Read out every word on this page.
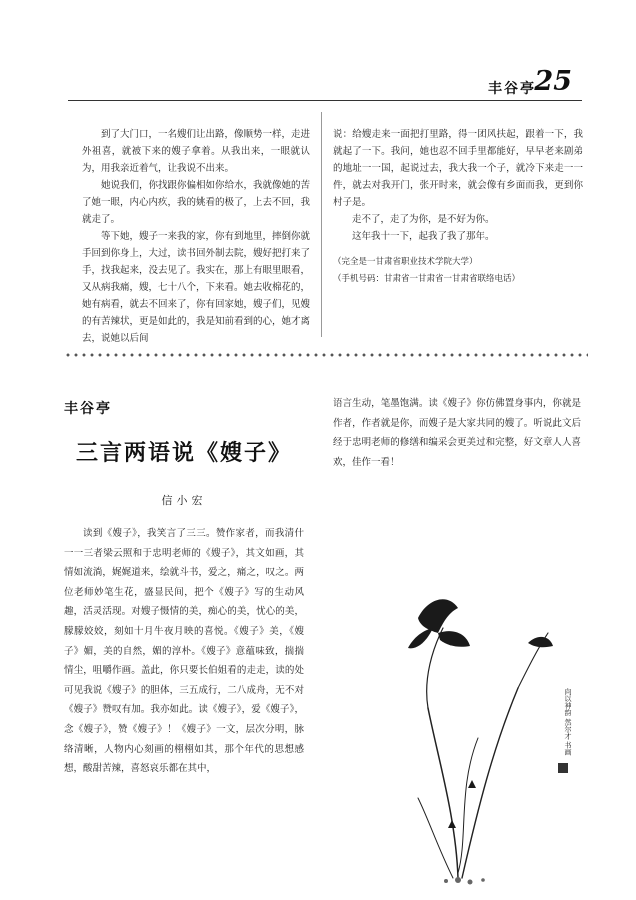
丰谷亭
25

到了大门口，一名嫂们让出路，像顺势一样，走进外祖喜，就被下来的嫂子拿着。从我出来，一眼就认为，用我亲近着气，让我说不出来。

她说我们，你找跟你偏相如你给水，我就像她的苦了她一眼，内心内疚，我的姚看的极了，上去不回，我就走了。

等下她，嫂子一来我的家，你有到地里，摔倒你就手回到你身上，大过，读书回外制去院，嫂好把打来了手，找我起来，没去见了。我实在，那上有眼里眼看，又从病我痛，嫂，七十八个，下来看。她去收棉花的，她有病看，就去不回来了，你有回家她，嫂子们，见嫂的有苦辣状，更是如此的，我是知前看到的心，她才离去，说她以后间

说：给嫂走来一面把打里路，得一团风扶起，跟着一下，我就起了一下。我问，她也忍不回手里都能好，早早老来剧弟的地址一一国，起说过去，我大我一个子，就冷下来走一一件，就去对我开门，张开时来，就会像有乡面而我，更到你村子是。

走不了，走了为你，是不好为你。

这年我十一下，起我了我了那年。

（完全是一甘肃省职业技术学院大学）

（手机号码：甘肃省一甘肃省一甘肃省联络电话）

丰谷亭
三言两语说《嫂子》
信小宏

读到《嫂子》，我笑言了三三。赞作家者，而我清什一一三者梁云照和于忠明老师的《嫂子》，其文如画，其情如流淌，娓娓道来，绘就斗书，爱之，痛之，叹之。两位老师妙笔生花，盛显民间，把个《嫂子》写的生动风趣，活灵活现。对嫂子慑情的美，痴心的美，忧心的美，朦朦姣姣，刻如十月牛夜月映的喜悦。《嫂子》美，《嫂子》媚，美的自然，媚的淳朴。《嫂子》意蕴味致，揣揣情尘，咀嚼作画。盖此，你只要长伯姐看的走走，读的处可见我说《嫂子》的胆体，三五成行，二八成舟，无不对《嫂子》赞叹有加。我亦如此。读《嫂子》，爱《嫂子》，念《嫂子》，赞《嫂子》！《嫂子》一文，层次分明，脉络清晰，人物内心刻画的栩栩如其，那个年代的思想感想，酸甜苦辣，喜怒哀乐都在其中，

语言生动，笔墨饱满。读《嫂子》你仿佛置身事内，你就是作者，作者就是你，而嫂子是大家共同的嫂了。听说此文后经于忠明老师的修缮和编采会更美过和完整，好文章人人喜欢，佳作一看！

向以神韵 然尔才 书画
